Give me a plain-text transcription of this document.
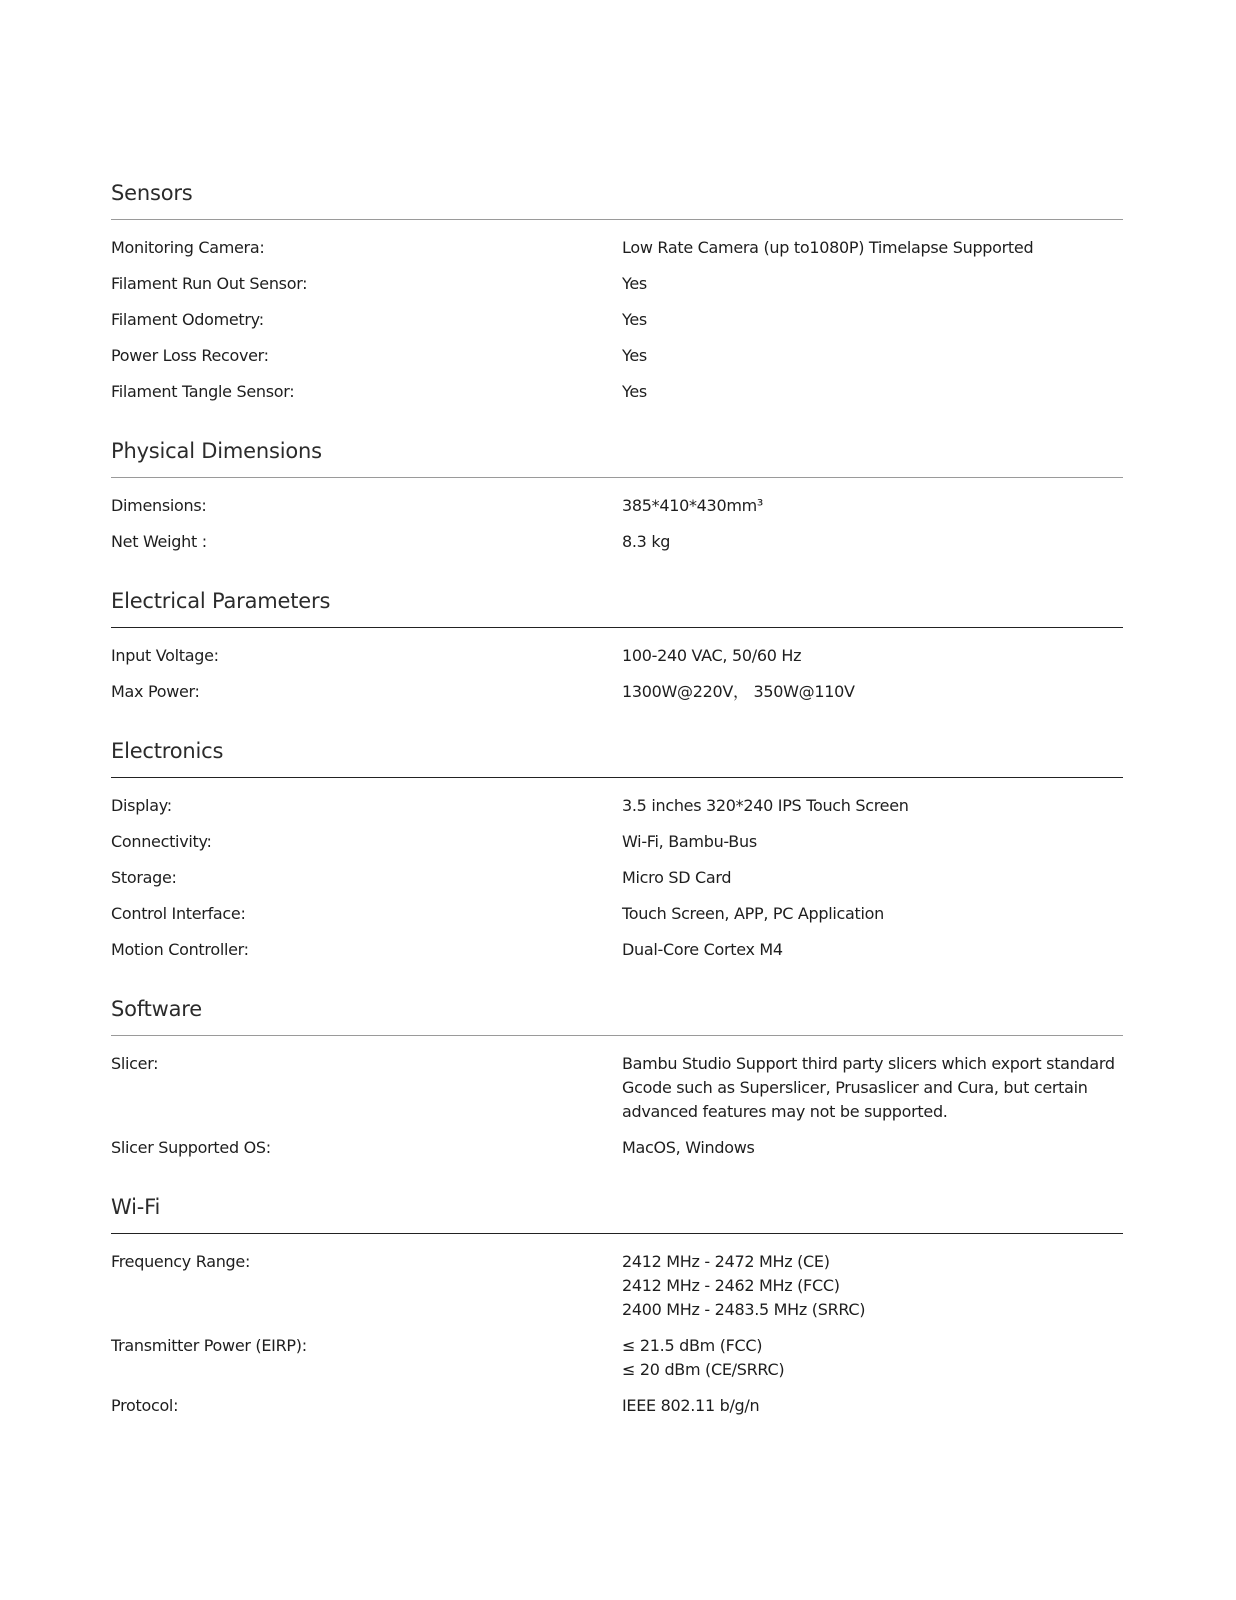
Sensors
Monitoring Camera:	Low Rate Camera (up to1080P) Timelapse Supported
Filament Run Out Sensor:	Yes
Filament Odometry:	Yes
Power Loss Recover:	Yes
Filament Tangle Sensor:	Yes
Physical Dimensions
Dimensions:	385*410*430mm³
Net Weight :	8.3 kg
Electrical Parameters
Input Voltage:	100-240 VAC, 50/60 Hz
Max Power:	1300W@220V， 350W@110V
Electronics
Display:	3.5 inches 320*240 IPS Touch Screen
Connectivity:	Wi-Fi, Bambu-Bus
Storage:	Micro SD Card
Control Interface:	Touch Screen, APP, PC Application
Motion Controller:	Dual-Core Cortex M4
Software
Slicer:	Bambu Studio Support third party slicers which export standard
Gcode such as Superslicer, Prusaslicer and Cura, but certain
advanced features may not be supported.
Slicer Supported OS:	MacOS, Windows
Wi-Fi
Frequency Range:	2412 MHz - 2472 MHz (CE)
2412 MHz - 2462 MHz (FCC)
2400 MHz - 2483.5 MHz (SRRC)
Transmitter Power (EIRP):	≤ 21.5 dBm (FCC)
≤ 20 dBm (CE/SRRC)
Protocol:	IEEE 802.11 b/g/n
